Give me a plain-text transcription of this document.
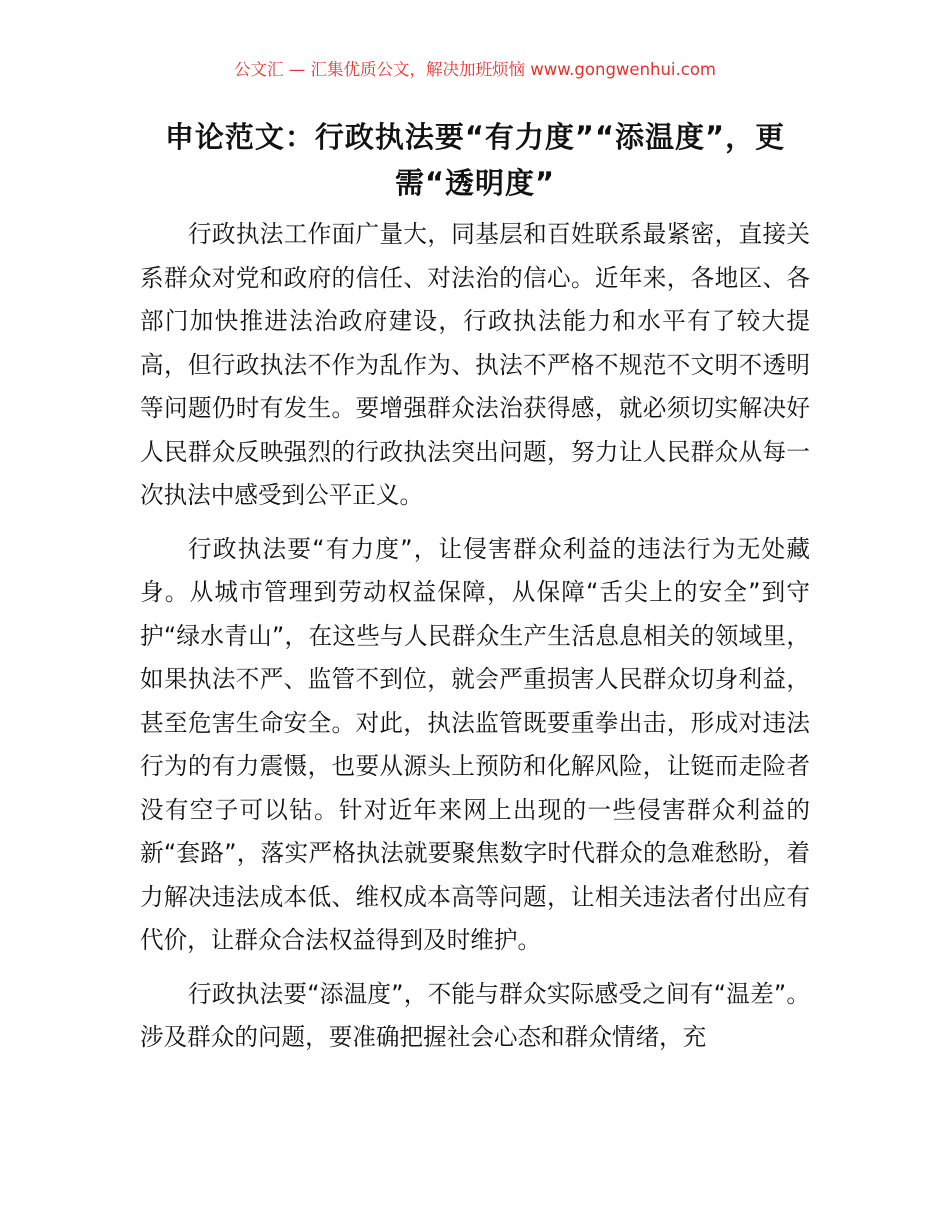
公文汇 — 汇集优质公文，解决加班烦恼 www.gongwenhui.com
申论范文：行政执法要“有力度”“添温度”，更需“透明度”

行政执法工作面广量大，同基层和百姓联系最紧密，直接关系群众对党和政府的信任、对法治的信心。近年来，各地区、各部门加快推进法治政府建设，行政执法能力和水平有了较大提高，但行政执法不作为乱作为、执法不严格不规范不文明不透明等问题仍时有发生。要增强群众法治获得感，就必须切实解决好人民群众反映强烈的行政执法突出问题，努力让人民群众从每一次执法中感受到公平正义。

行政执法要“有力度”，让侵害群众利益的违法行为无处藏身。从城市管理到劳动权益保障，从保障“舌尖上的安全”到守护“绿水青山”，在这些与人民群众生产生活息息相关的领域里，如果执法不严、监管不到位，就会严重损害人民群众切身利益，甚至危害生命安全。对此，执法监管既要重拳出击，形成对违法行为的有力震慑，也要从源头上预防和化解风险，让铤而走险者没有空子可以钻。针对近年来网上出现的一些侵害群众利益的新“套路”，落实严格执法就要聚焦数字时代群众的急难愁盼，着力解决违法成本低、维权成本高等问题，让相关违法者付出应有代价，让群众合法权益得到及时维护。

行政执法要“添温度”，不能与群众实际感受之间有“温差”。涉及群众的问题，要准确把握社会心态和群众情绪，充
